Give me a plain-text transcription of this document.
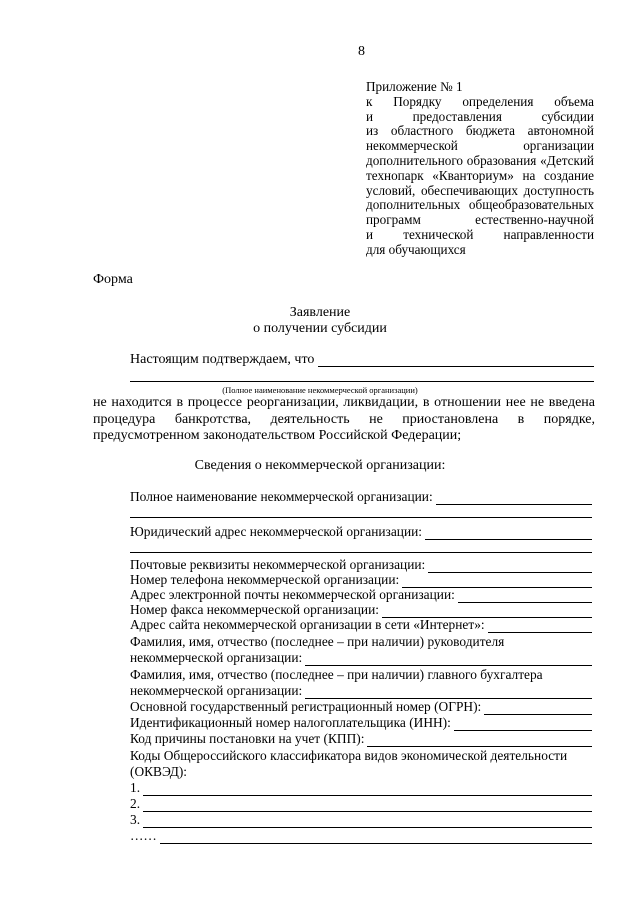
8
Приложение № 1
к Порядку определения объема
и предоставления субсидии
из областного бюджета автономной
некоммерческой организации
дополнительного образования «Детский
технопарк «Кванториум» на создание
условий, обеспечивающих доступность
дополнительных общеобразовательных
программ естественно-научной
и технической направленности
для обучающихся
Форма
Заявление
о получении субсидии
Настоящим подтверждаем, что
(Полное наименование некоммерческой организации)
не находится в процессе реорганизации, ликвидации, в отношении нее не введена
процедура банкротства, деятельность не приостановлена в порядке,
предусмотренном законодательством Российской Федерации;
Сведения о некоммерческой организации:
Полное наименование некоммерческой организации:
Юридический адрес некоммерческой организации:
Почтовые реквизиты некоммерческой организации:
Номер телефона некоммерческой организации:
Адрес электронной почты некоммерческой организации:
Номер факса некоммерческой организации:
Адрес сайта некоммерческой организации в сети «Интернет»:
Фамилия, имя, отчество (последнее – при наличии) руководителя
некоммерческой организации:
Фамилия, имя, отчество (последнее – при наличии) главного бухгалтера
некоммерческой организации:
Основной государственный регистрационный номер (ОГРН):
Идентификационный номер налогоплательщика (ИНН):
Код причины постановки на учет (КПП):
Коды Общероссийского классификатора видов экономической деятельности
(ОКВЭД):
1.
2.
3.
……
